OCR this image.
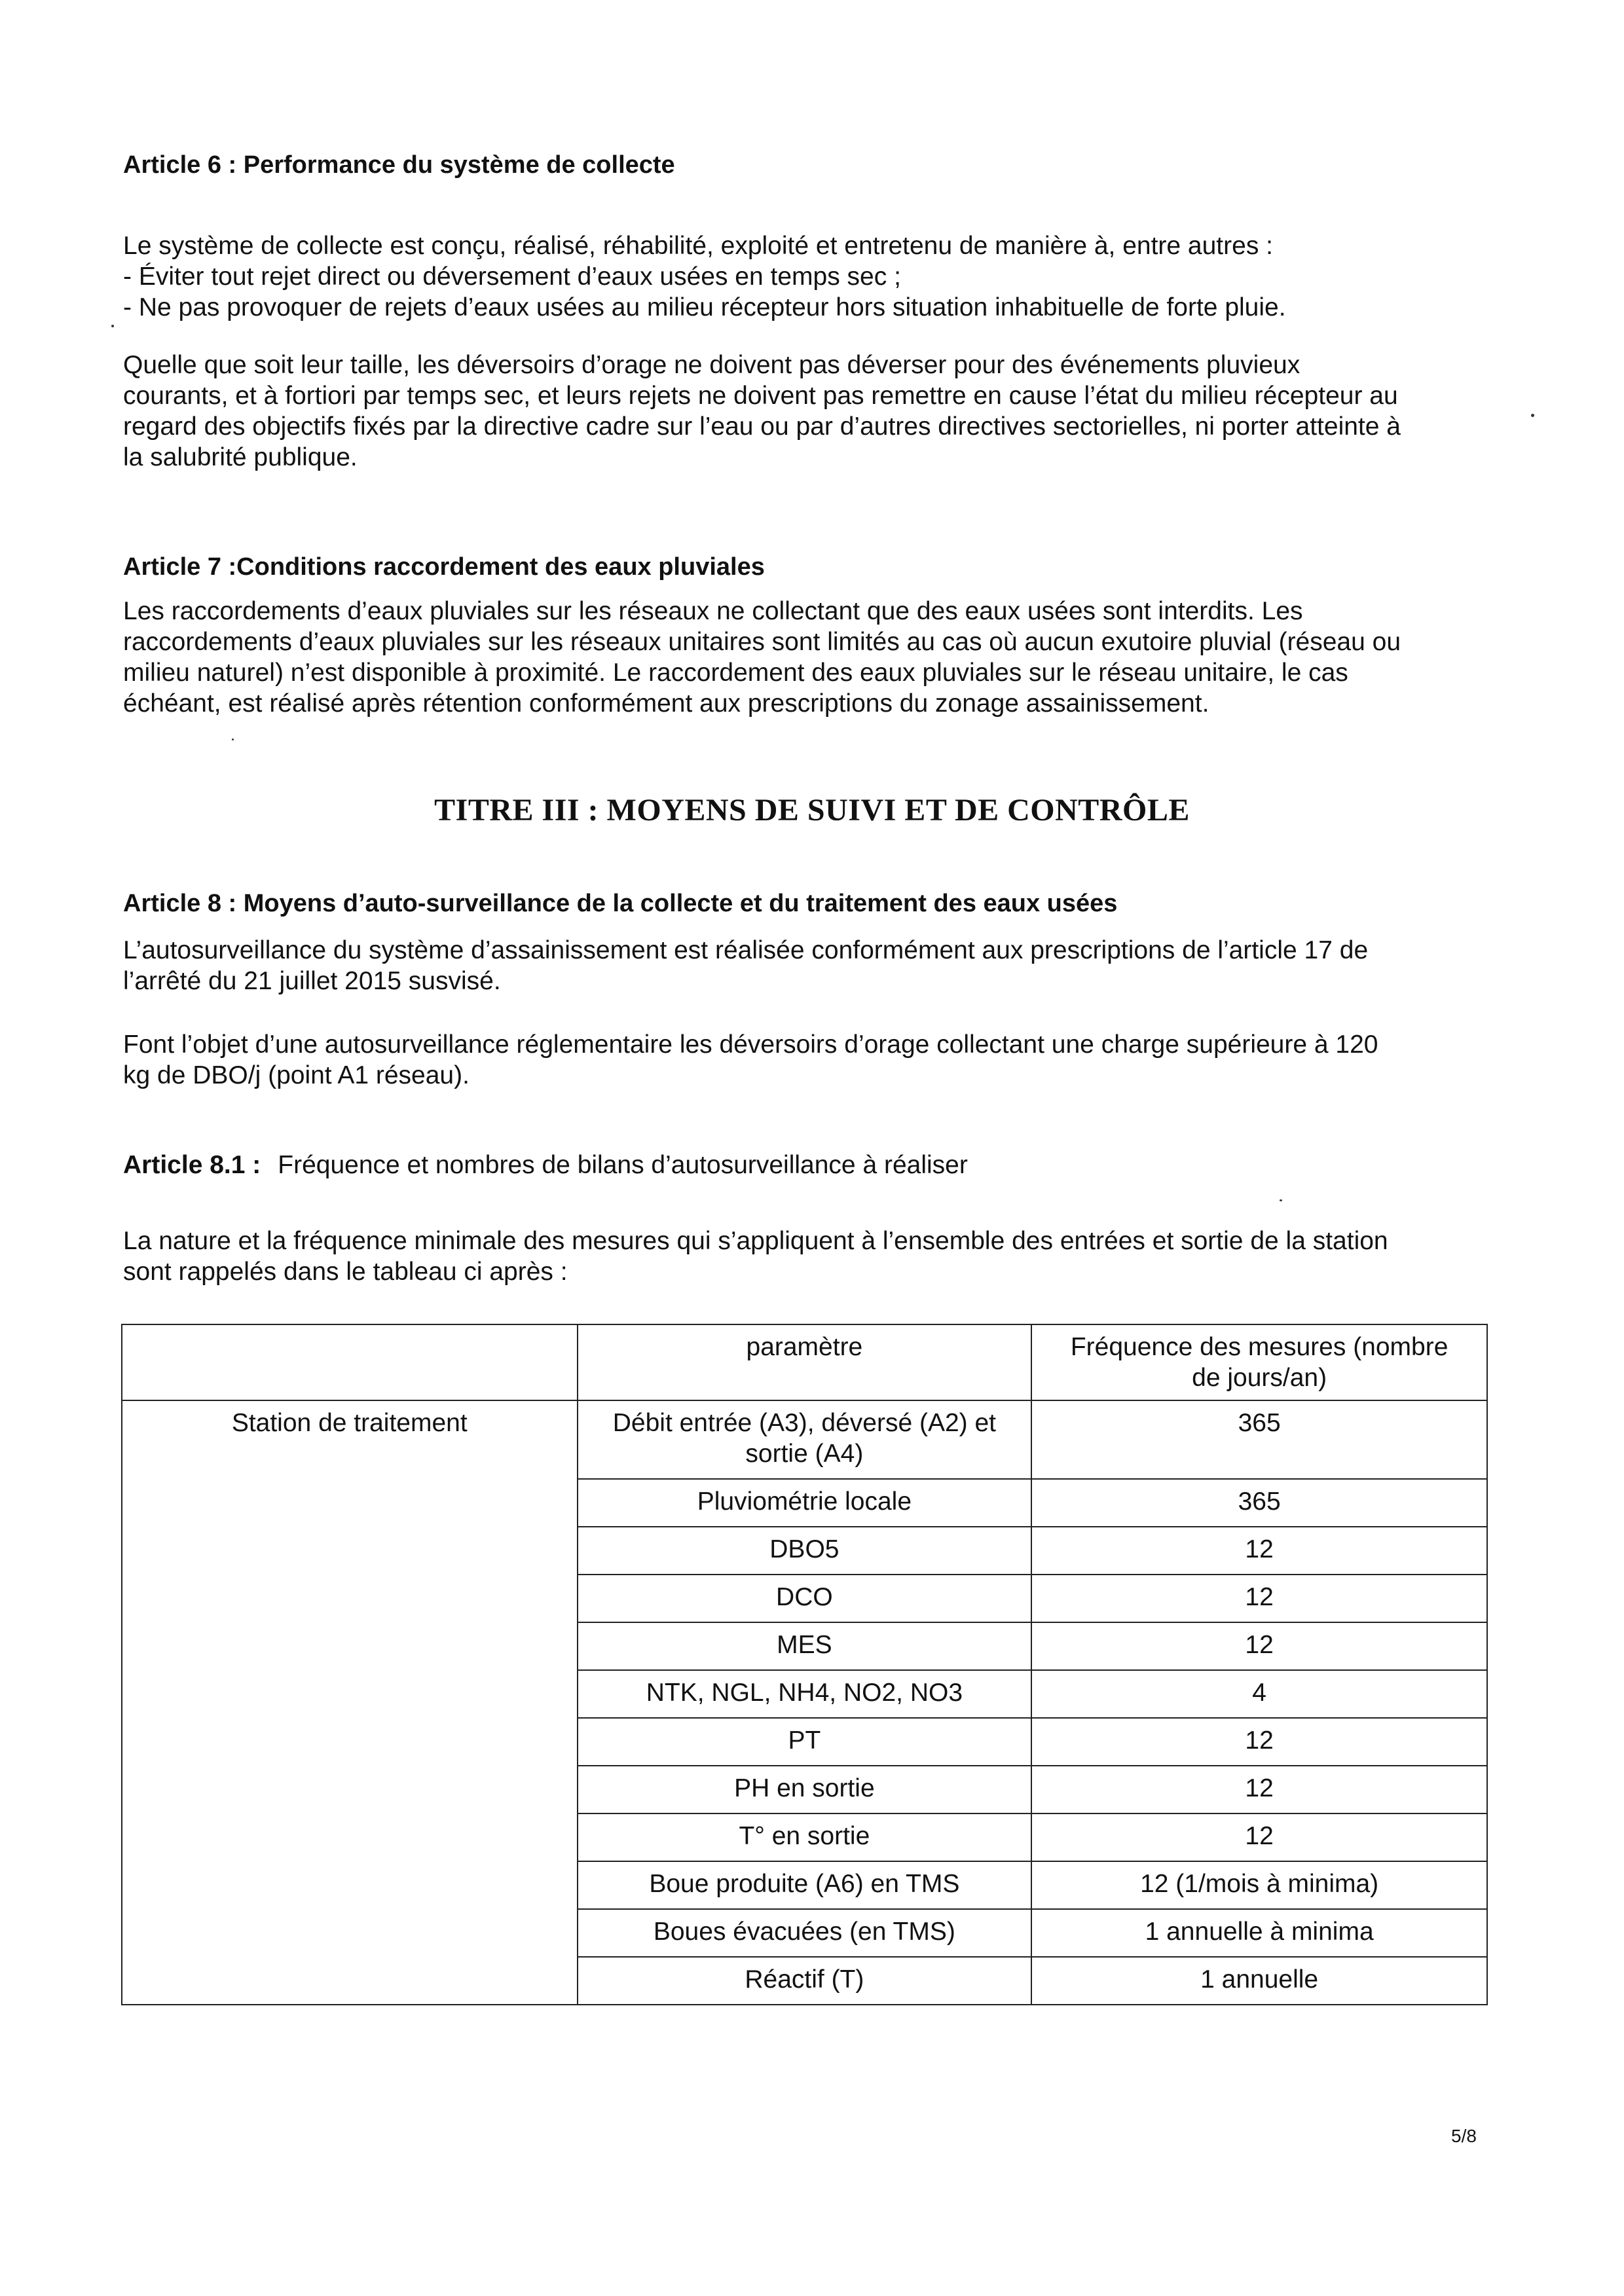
Article 6 : Performance du système de collecte

Le système de collecte est conçu, réalisé, réhabilité, exploité et entretenu de manière à, entre autres :
- Éviter tout rejet direct ou déversement d’eaux usées en temps sec ;
- Ne pas provoquer de rejets d’eaux usées au milieu récepteur hors situation inhabituelle de forte pluie.

Quelle que soit leur taille, les déversoirs d’orage ne doivent pas déverser pour des événements pluvieux
courants, et à fortiori par temps sec, et leurs rejets ne doivent pas remettre en cause l’état du milieu récepteur au
regard des objectifs fixés par la directive cadre sur l’eau ou par d’autres directives sectorielles, ni porter atteinte à
la salubrité publique.

Article 7 :Conditions raccordement des eaux pluviales

Les raccordements d’eaux pluviales sur les réseaux ne collectant que des eaux usées sont interdits. Les
raccordements d’eaux pluviales sur les réseaux unitaires sont limités au cas où aucun exutoire pluvial (réseau ou
milieu naturel) n’est disponible à proximité. Le raccordement des eaux pluviales sur le réseau unitaire, le cas
échéant, est réalisé après rétention conformément aux prescriptions du zonage assainissement.

TITRE III : MOYENS DE SUIVI ET DE CONTRÔLE

Article 8 : Moyens d’auto-surveillance de la collecte et du traitement des eaux usées

L’autosurveillance du système d’assainissement est réalisée conformément aux prescriptions de l’article 17 de
l’arrêté du 21 juillet 2015 susvisé.

Font l’objet d’une autosurveillance réglementaire les déversoirs d’orage collectant une charge supérieure à 120
kg de DBO/j (point A1 réseau).

Article 8.1 : Fréquence et nombres de bilans d’autosurveillance à réaliser

La nature et la fréquence minimale des mesures qui s’appliquent à l’ensemble des entrées et sortie de la station
sont rappelés dans le tableau ci après :

	paramètre	Fréquence des mesures (nombre
de jours/an)

Station de traitement	Débit entrée (A3), déversé (A2) et
sortie (A4)	365
	Pluviométrie locale	365
	DBO5	12
	DCO	12
	MES	12
	NTK, NGL, NH4, NO2, NO3	4
	PT	12
	PH en sortie	12
	T° en sortie	12
	Boue produite (A6) en TMS	12 (1/mois à minima)
	Boues évacuées (en TMS)	1 annuelle à minima
	Réactif (T)	1 annuelle
5/8
